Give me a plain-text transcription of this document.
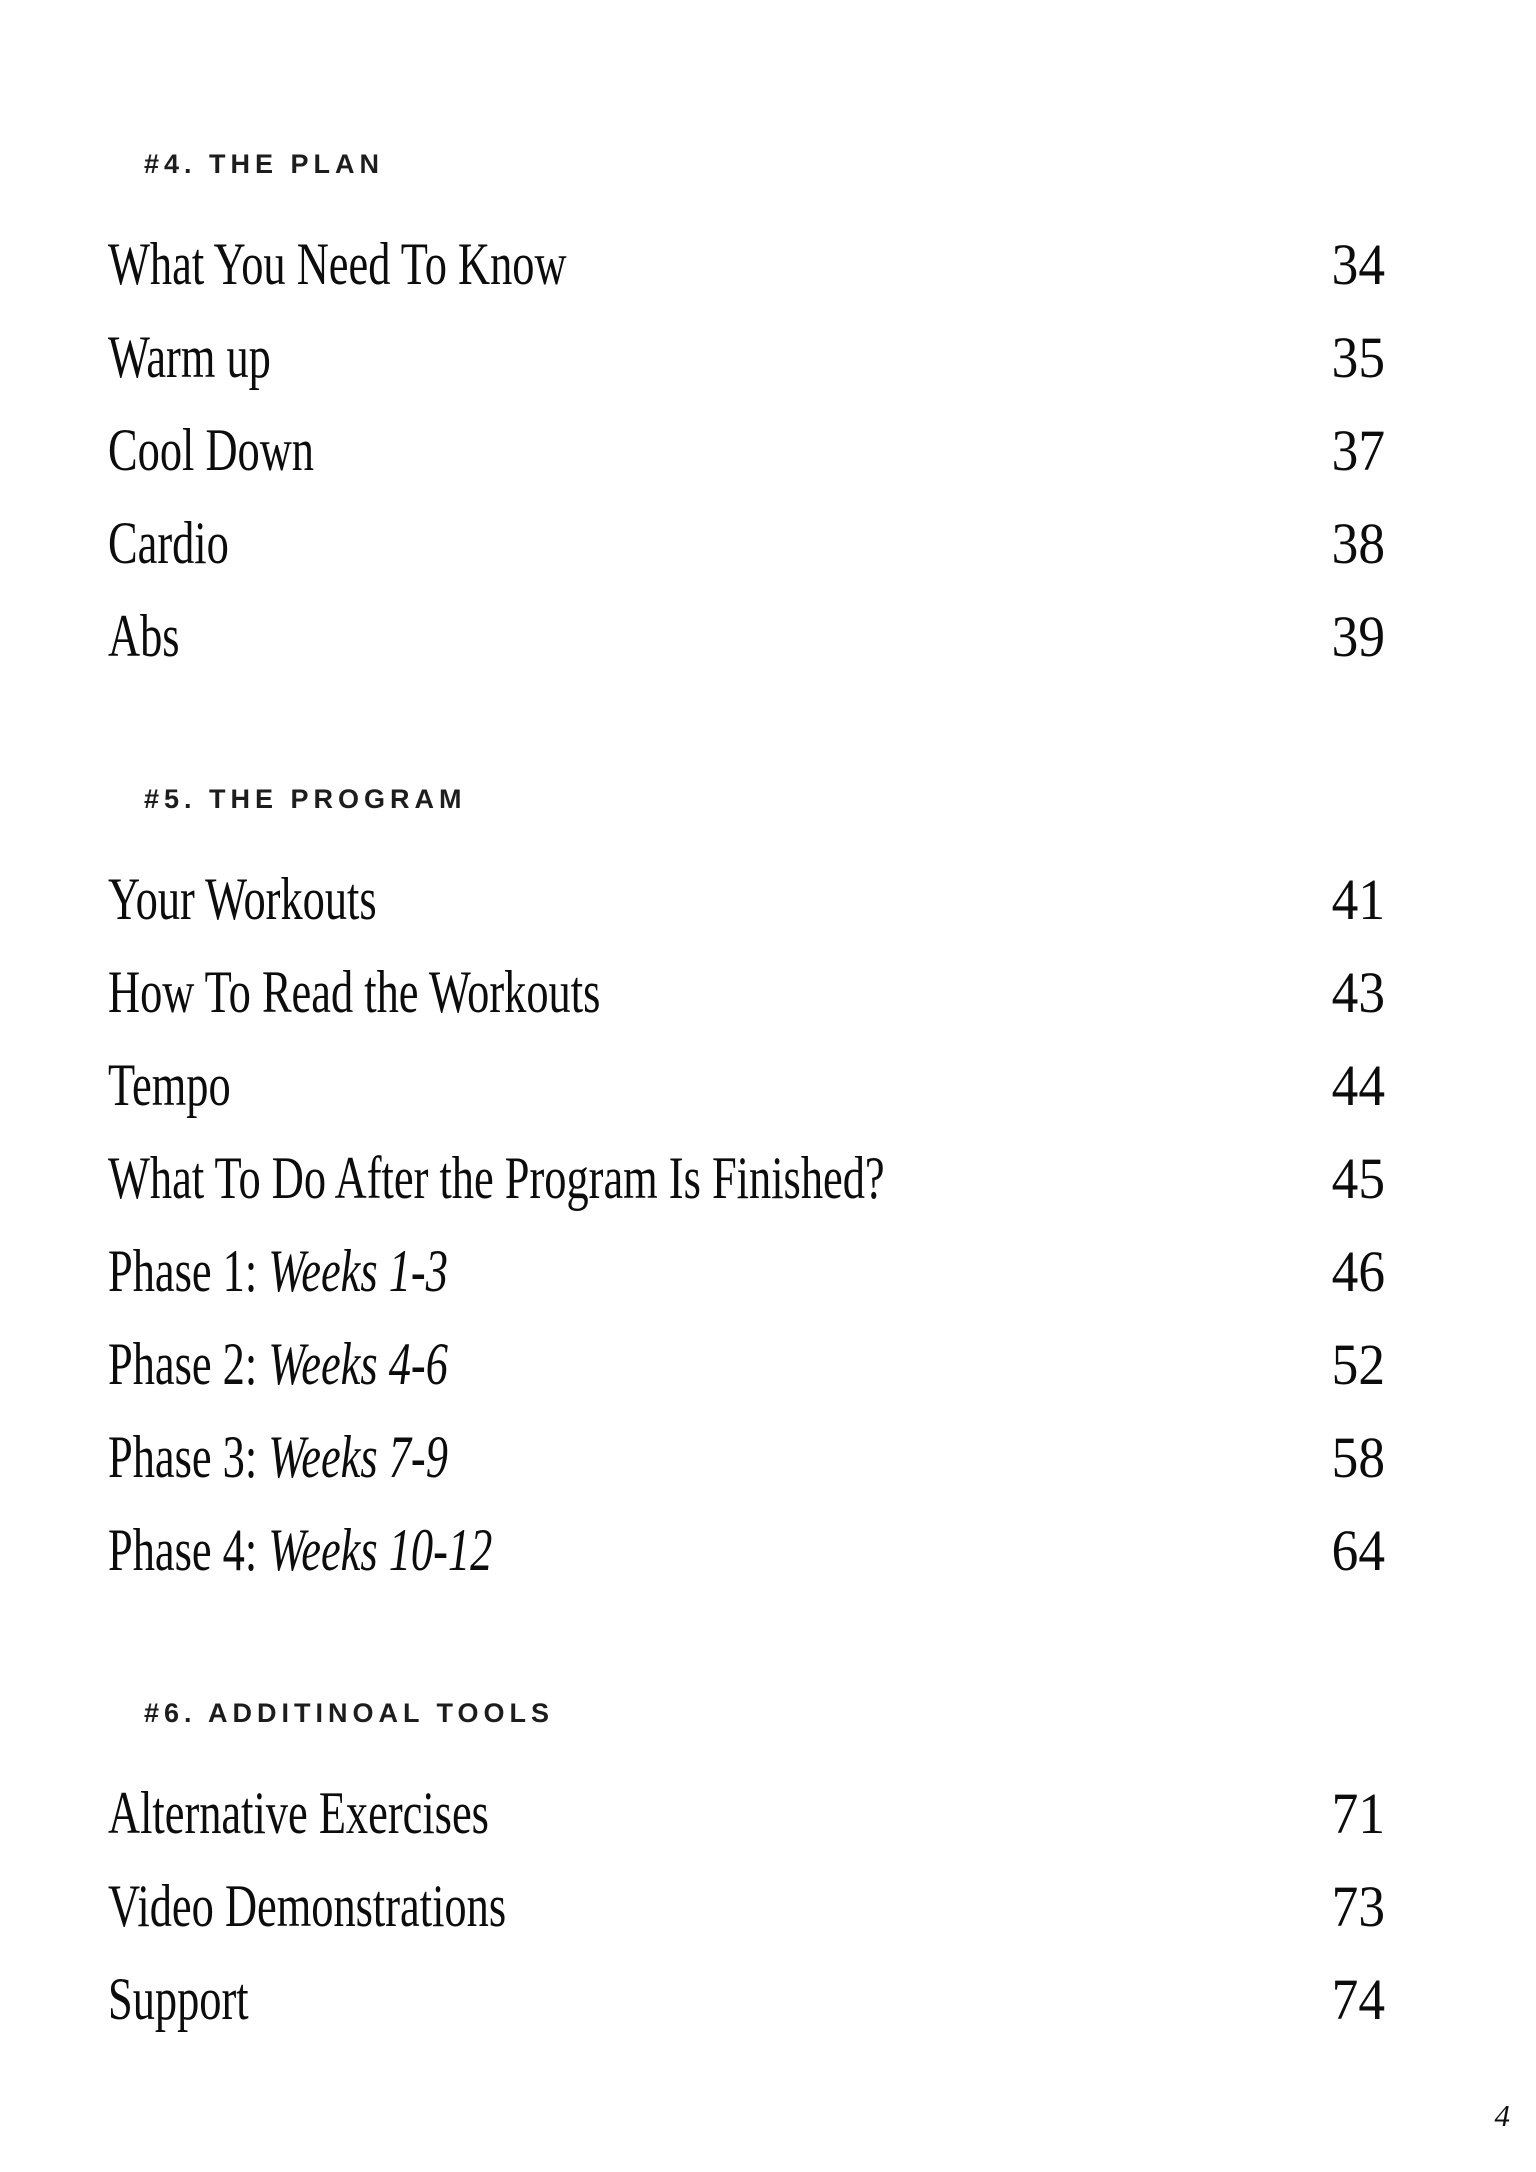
#4. THE PLAN
What You Need To Know	34
Warm up	35
Cool Down	37
Cardio	38
Abs	39
#5. THE PROGRAM
Your Workouts	41
How To Read the Workouts	43
Tempo	44
What To Do After the Program Is Finished?	45
Phase 1: Weeks 1-3	46
Phase 2: Weeks 4-6	52
Phase 3: Weeks 7-9	58
Phase 4: Weeks 10-12	64
#6. ADDITINOAL TOOLS
Alternative Exercises	71
Video Demonstrations	73
Support	74
4
